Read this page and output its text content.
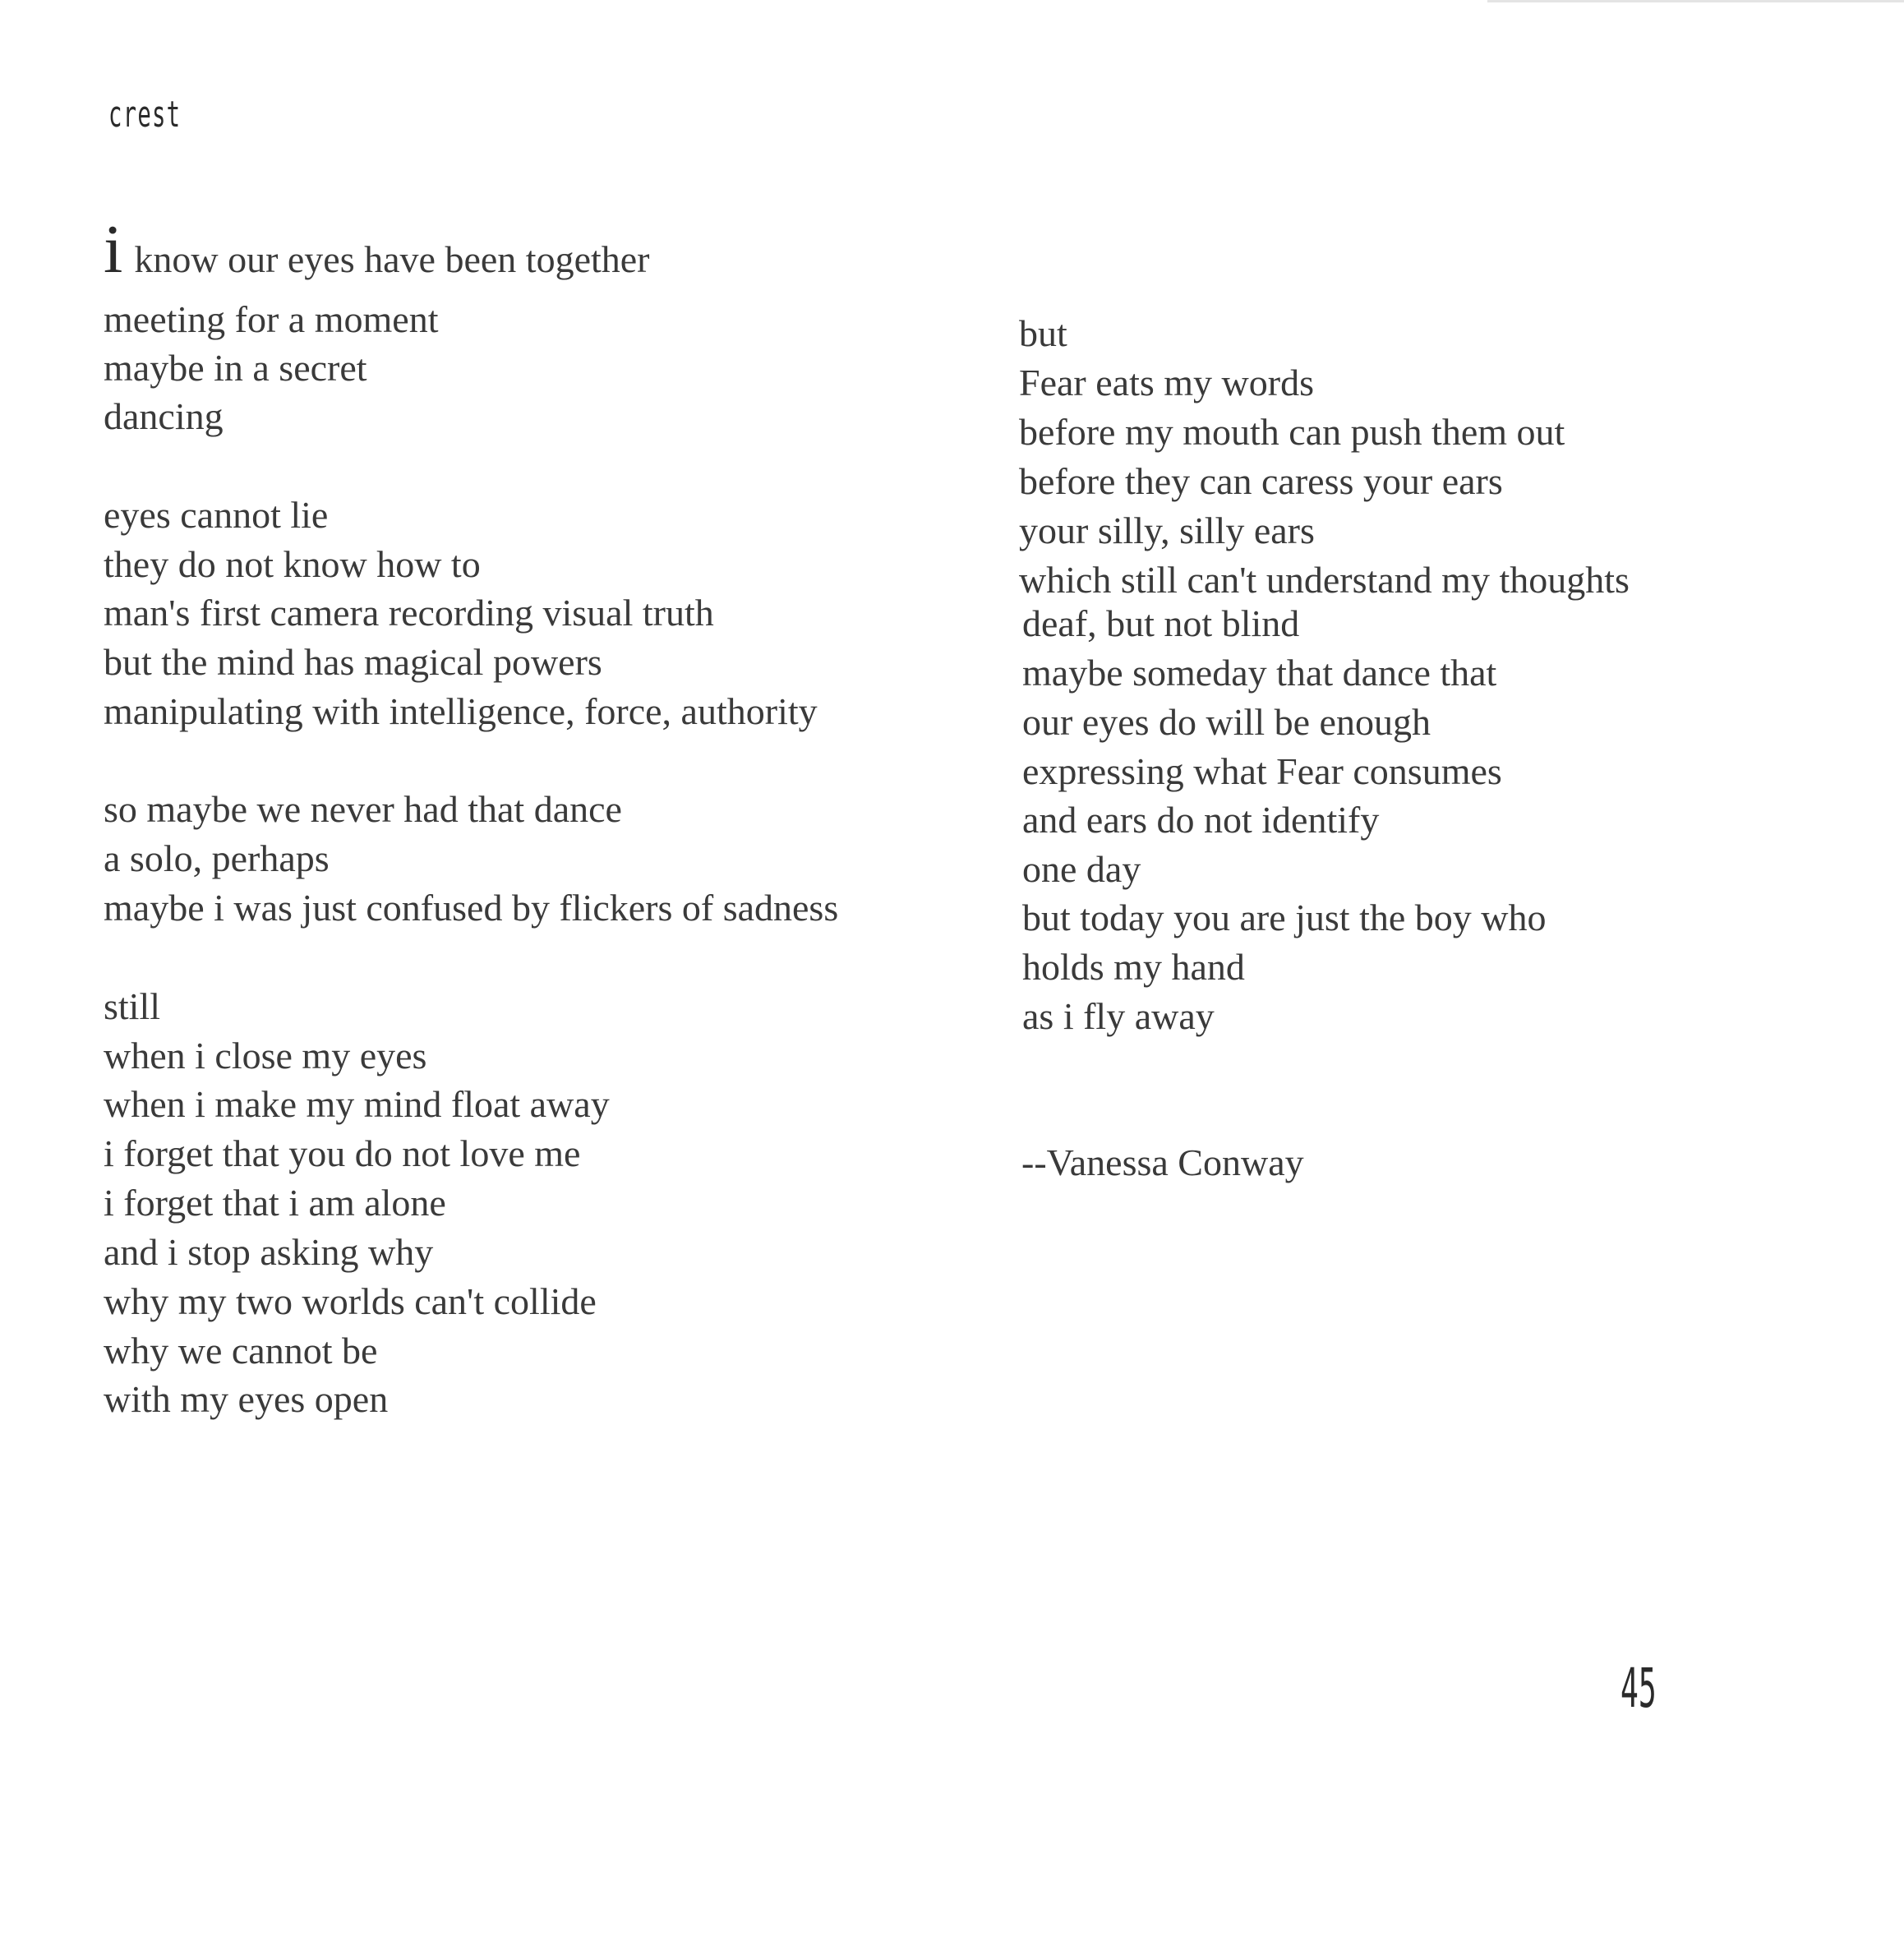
crest
iknow our eyes have been together
meeting for a moment
maybe in a secret
dancing
eyes cannot lie
they do not know how to
man's first camera recording visual truth
but the mind has magical powers
manipulating with intelligence, force, authority
so maybe we never had that dance
a solo, perhaps
maybe i was just confused by flickers of sadness
still
when i close my eyes
when i make my mind float away
i forget that you do not love me
i forget that i am alone
and i stop asking why
why my two worlds can't collide
why we cannot be
with my eyes open
but
Fear eats my words
before my mouth can push them out
before they can caress your ears
your silly, silly ears
which still can't understand my thoughts
deaf, but not blind
maybe someday that dance that
our eyes do will be enough
expressing what Fear consumes
and ears do not identify
one day
but today you are just the boy who
holds my hand
as i fly away
--Vanessa Conway
45
